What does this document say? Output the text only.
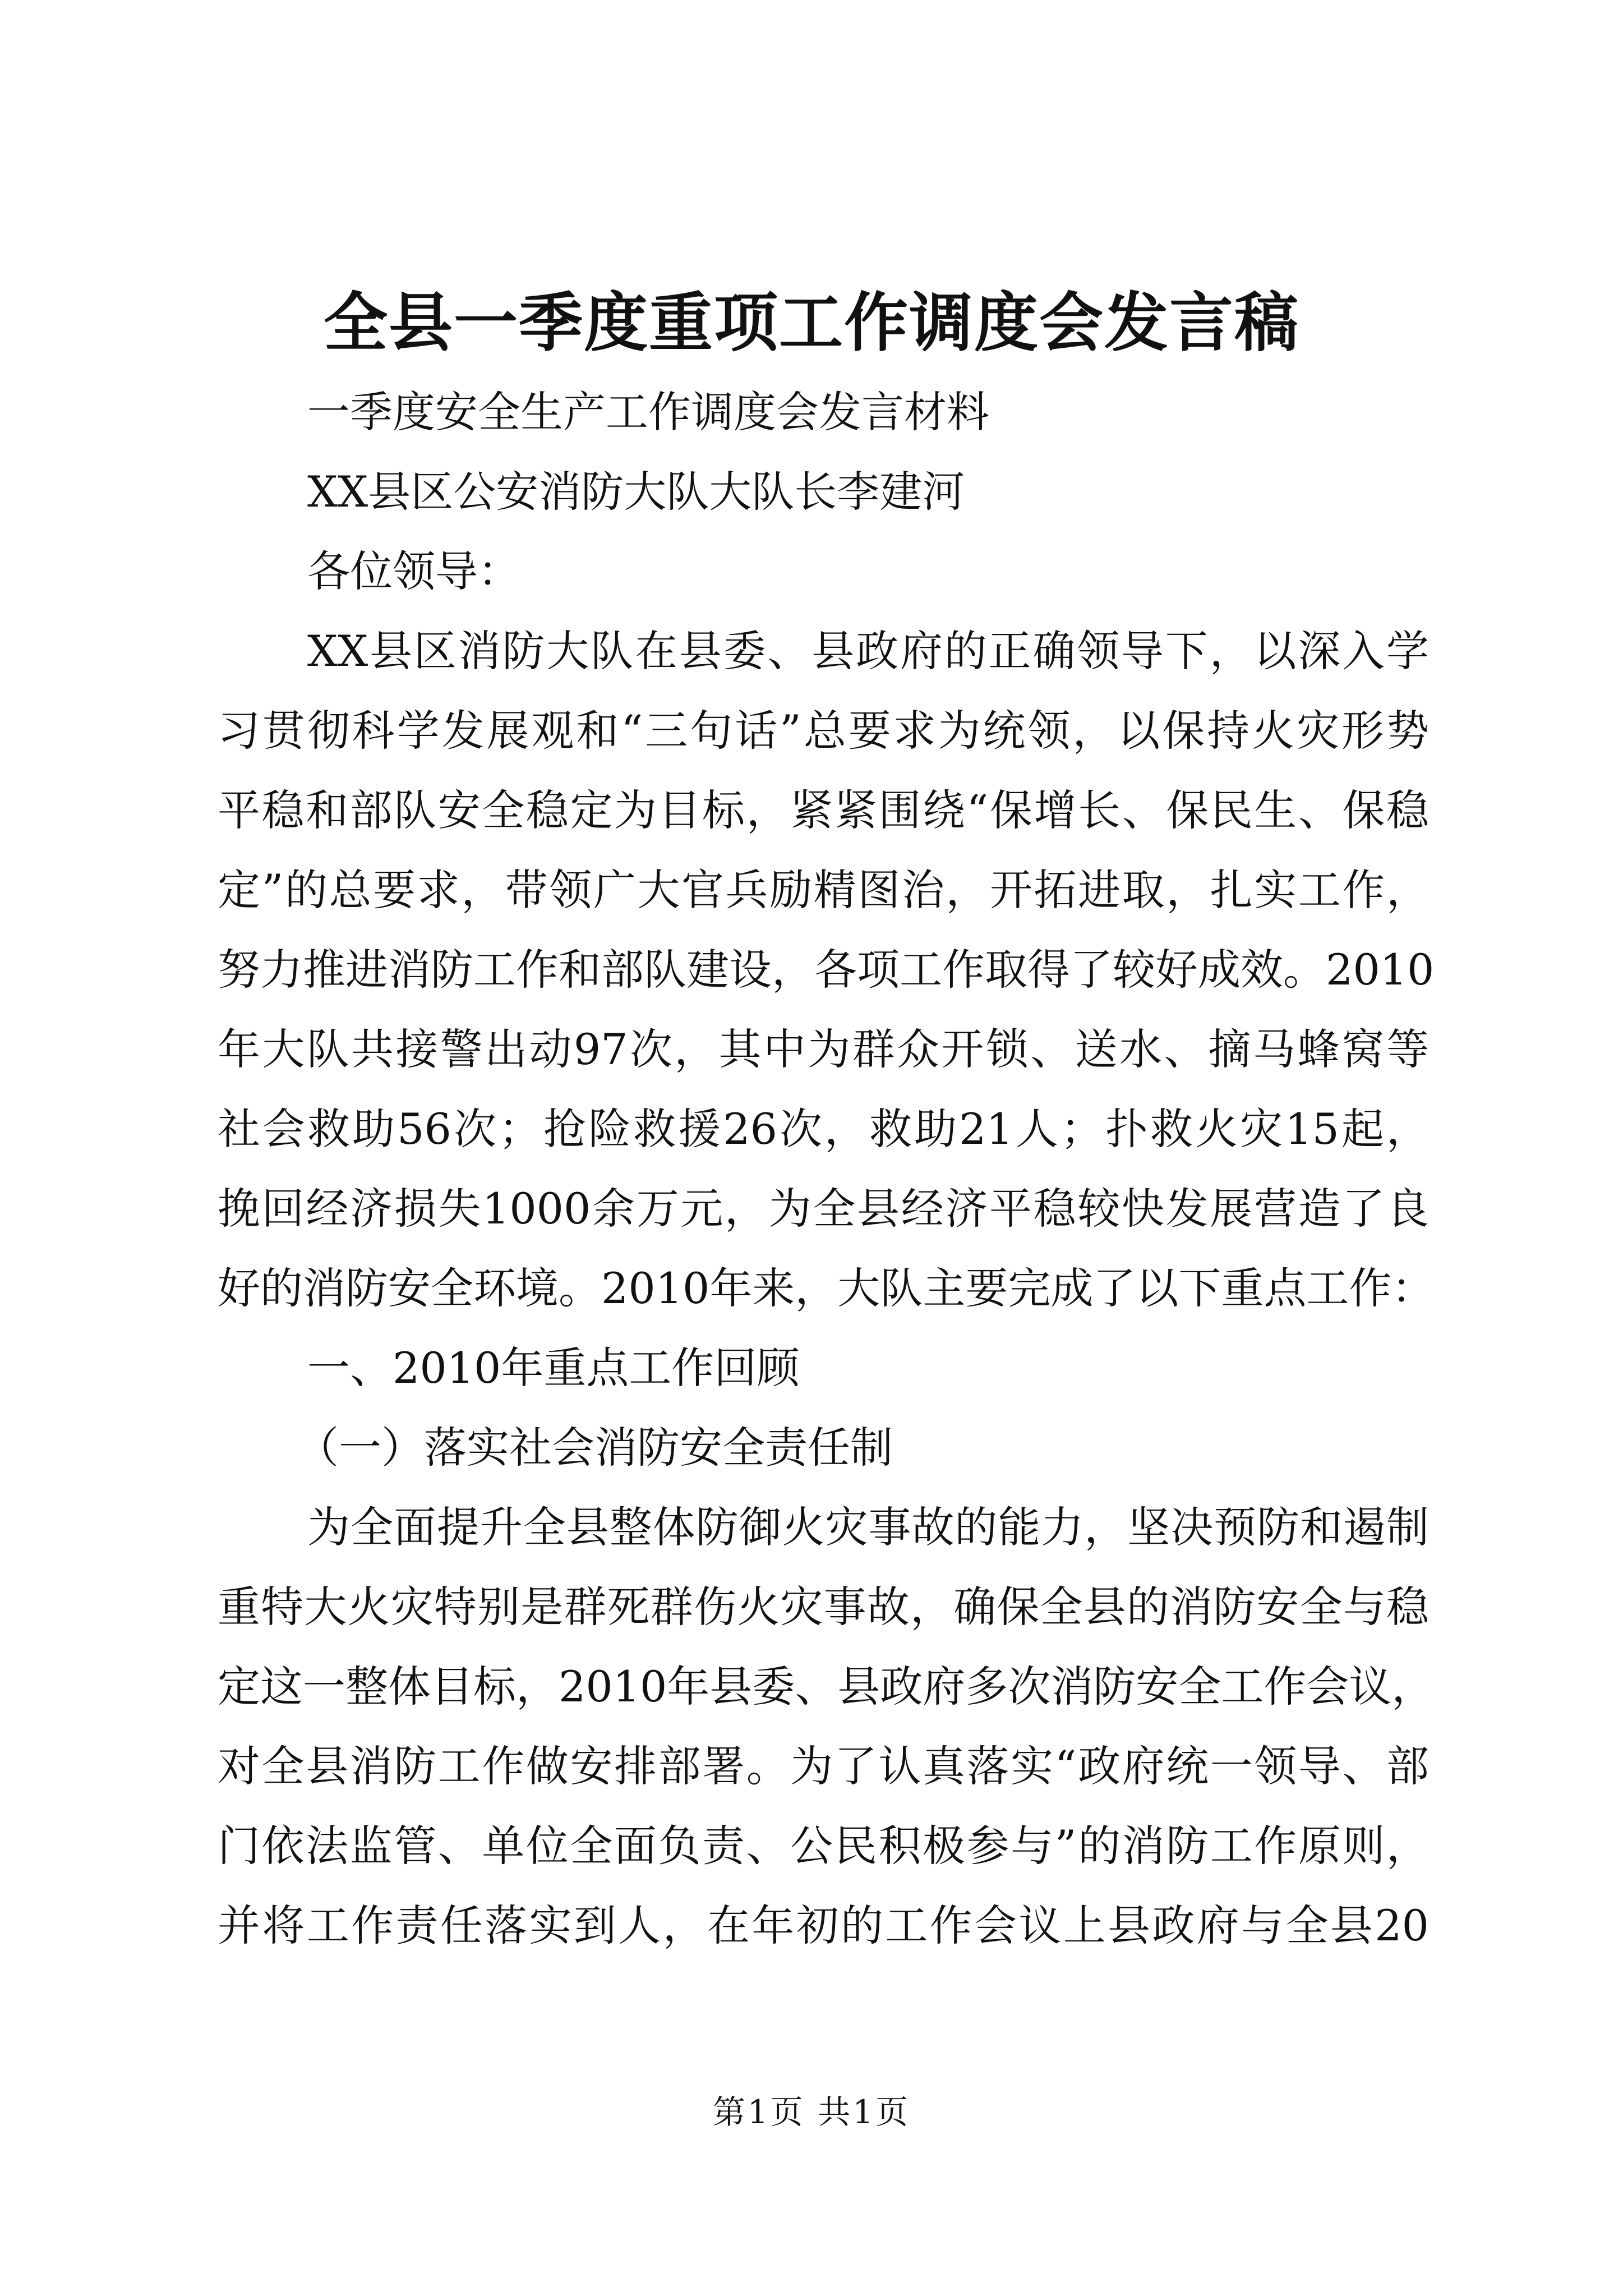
全县一季度重项工作调度会发言稿

一季度安全生产工作调度会发言材料

XX县区公安消防大队大队长李建河

各位领导：

XX县区消防大队在县委、县政府的正确领导下，以深入学

习贯彻科学发展观和“三句话”总要求为统领，以保持火灾形势

平稳和部队安全稳定为目标，紧紧围绕“保增长、保民生、保稳

定”的总要求，带领广大官兵励精图治，开拓进取，扎实工作，

努力推进消防工作和部队建设，各项工作取得了较好成效。2010

年大队共接警出动97次，其中为群众开锁、送水、摘马蜂窝等

社会救助56次；抢险救援26次，救助21人；扑救火灾15起，

挽回经济损失1000余万元，为全县经济平稳较快发展营造了良

好的消防安全环境。2010年来，大队主要完成了以下重点工作：

一、2010年重点工作回顾

（一）落实社会消防安全责任制

为全面提升全县整体防御火灾事故的能力，坚决预防和遏制

重特大火灾特别是群死群伤火灾事故，确保全县的消防安全与稳

定这一整体目标，2010年县委、县政府多次消防安全工作会议，

对全县消防工作做安排部署。为了认真落实“政府统一领导、部

门依法监管、单位全面负责、公民积极参与”的消防工作原则，

并将工作责任落实到人，在年初的工作会议上县政府与全县20

第1页 共1页
